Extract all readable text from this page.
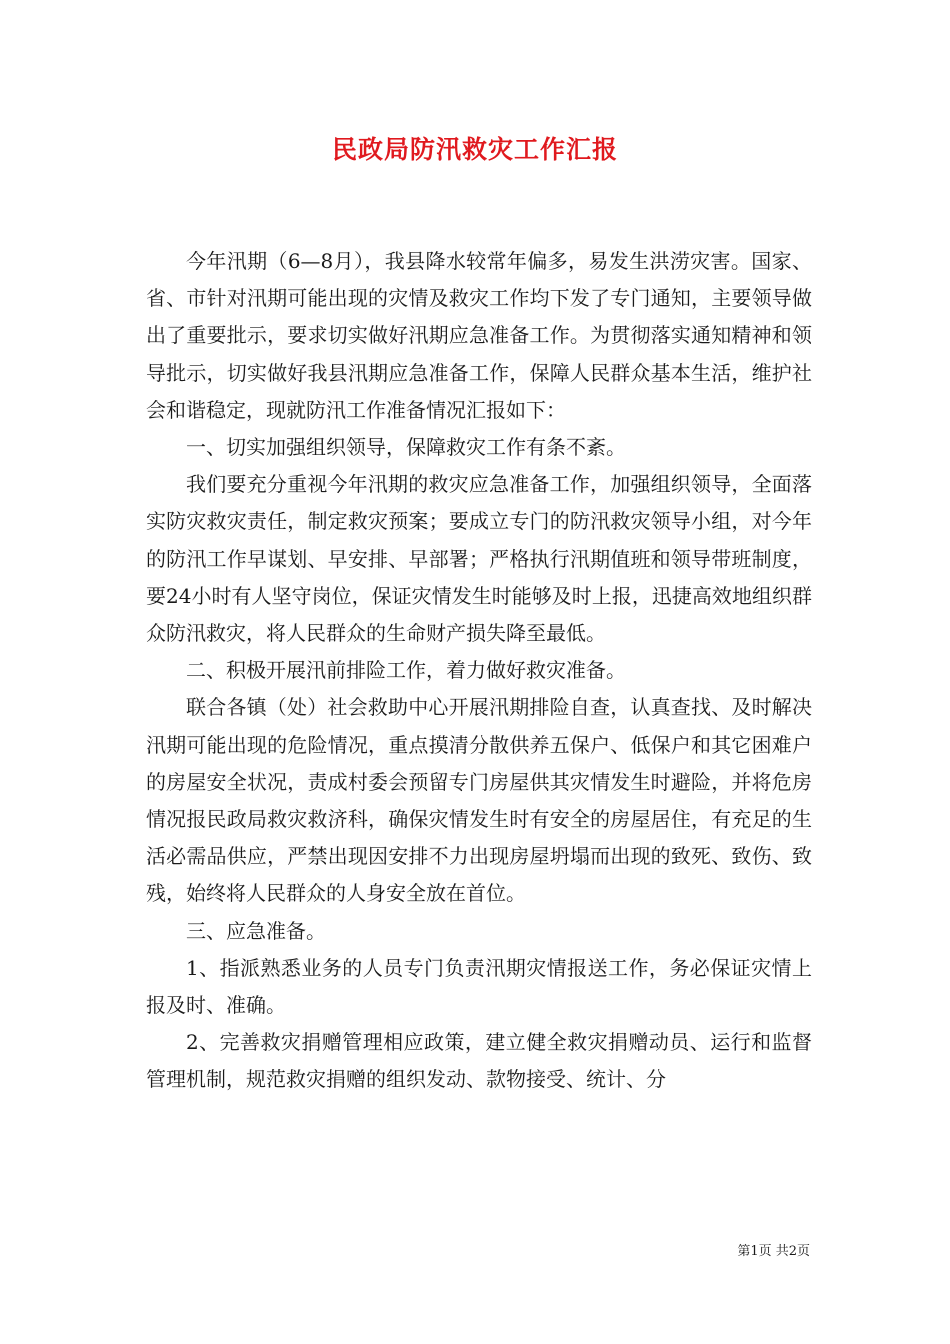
民政局防汛救灾工作汇报

今年汛期（6—8月），我县降水较常年偏多，易发生洪涝灾害。国家、省、市针对汛期可能出现的灾情及救灾工作均下发了专门通知，主要领导做出了重要批示，要求切实做好汛期应急准备工作。为贯彻落实通知精神和领导批示，切实做好我县汛期应急准备工作，保障人民群众基本生活，维护社会和谐稳定，现就防汛工作准备情况汇报如下：

一、切实加强组织领导，保障救灾工作有条不紊。

我们要充分重视今年汛期的救灾应急准备工作，加强组织领导，全面落实防灾救灾责任，制定救灾预案；要成立专门的防汛救灾领导小组，对今年的防汛工作早谋划、早安排、早部署；严格执行汛期值班和领导带班制度，要24小时有人坚守岗位，保证灾情发生时能够及时上报，迅捷高效地组织群众防汛救灾，将人民群众的生命财产损失降至最低。

二、积极开展汛前排险工作，着力做好救灾准备。

联合各镇（处）社会救助中心开展汛期排险自查，认真查找、及时解决汛期可能出现的危险情况，重点摸清分散供养五保户、低保户和其它困难户的房屋安全状况，责成村委会预留专门房屋供其灾情发生时避险，并将危房情况报民政局救灾救济科，确保灾情发生时有安全的房屋居住，有充足的生活必需品供应，严禁出现因安排不力出现房屋坍塌而出现的致死、致伤、致残，始终将人民群众的人身安全放在首位。

三、应急准备。

1、指派熟悉业务的人员专门负责汛期灾情报送工作，务必保证灾情上报及时、准确。

2、完善救灾捐赠管理相应政策，建立健全救灾捐赠动员、运行和监督管理机制，规范救灾捐赠的组织发动、款物接受、统计、分

第1页 共2页
